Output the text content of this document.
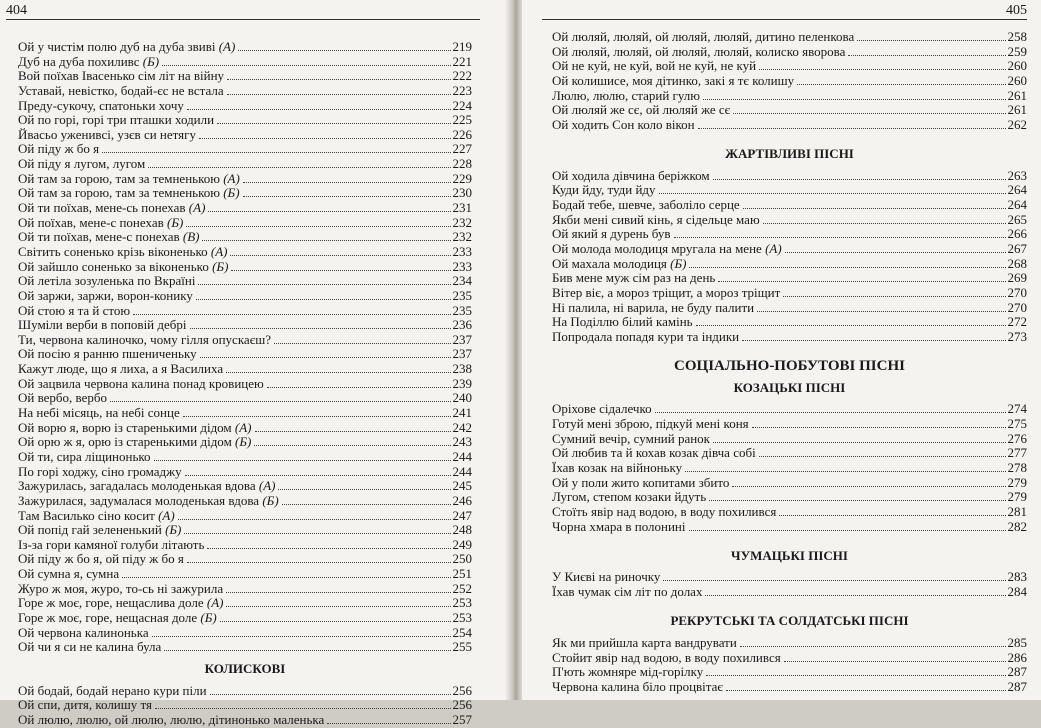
404
Ой у чистім полю дуб на дуба звиві (А)	219
Дуб на дуба похиливс (Б)	221
Вой поїхав Івасенько сім літ на війну	222
Уставай, невістко, бодай-єс не встала	223
Преду-сукочу, спатоньки хочу	224
Ой по горі, горі три пташки ходили	225
Йвасьо уженивсі, узєв си нетягу	226
Ой піду ж бо я	227
Ой піду я лугом, лугом	228
Ой там за горою, там за темненькою (А)	229
Ой там за горою, там за темненькою (Б)	230
Ой ти поїхав, мене-сь понехав (А)	231
Ой поїхав, мене-с понехав (Б)	232
Ой ти поїхав, мене-с понехав (В)	232
Світить соненько крізь віконенько (А)	233
Ой зайшло соненько за віконенько (Б)	233
Ой летіла зозуленька по Вкраїні	234
Ой заржи, заржи, ворон-конику	235
Ой стою я та й стою	235
Шуміли верби в поповій дебрі	236
Ти, червона калиночко, чому гілля опускаєш?	237
Ой посію я ранню пшениченьку	237
Кажут люде, що я лиха, а я Василиха	238
Ой зацвила червона калина понад кровицею	239
Ой вербо, вербо	240
На небі місяць, на небі сонце	241
Ой ворю я, ворю із старенькими дідом (А)	242
Ой орю ж я, орю із старенькими дідом (Б)	243
Ой ти, сира ліщинонько	244
По горі ходжу, сіно громаджу	244
Зажурилась, загадалась молоденькая вдова (А)	245
Зажурилася, задумалася молоденькая вдова (Б)	246
Там Василько сіно косит (А)	247
Ой попід гай зелененький (Б)	248
Із-за гори камяної голуби літають	249
Ой піду ж бо я, ой піду ж бо я	250
Ой сумна я, сумна	251
Журо ж моя, журо, то-сь ні зажурила	252
Горе ж моє, горе, нещаслива доле (А)	253
Горе ж моє, горе, нещасная доле (Б)	253
Ой червона калинонька	254
Ой чи я си не калина була	255
КОЛИСКОВІ
Ой бодай, бодай нерано кури піли	256
Ой спи, дитя, колишу тя	256
Ой люлю, люлю, ой люлю, люлю, дітинонько маленька	257
405
Ой люляй, люляй, ой люляй, люляй, дитино пеленкова	258
Ой люляй, люляй, ой люляй, люляй, колиско яворова	259
Ой не куй, не куй, вой не куй, не куй	260
Ой колишисе, моя дітинко, закі я тє колишу	260
Люлю, люлю, старий гулю	261
Ой люляй же сє, ой люляй же сє	261
Ой ходить Сон коло вікон	262
ЖАРТІВЛИВІ ПІСНІ
Ой ходила дівчина беріжком	263
Куди йду, туди йду	264
Бодай тебе, шевче, заболіло серце	264
Якби мені сивий кінь, я сідельце маю	265
Ой який я дурень був	266
Ой молода молодиця мругала на мене (А)	267
Ой махала молодиця (Б)	268
Бив мене муж сім раз на день	269
Вітер віє, а мороз тріщит, а мороз тріщит	270
Ні палила, ні варила, не буду палити	270
На Поділлю білий камінь	272
Попродала попадя кури та індики	273
СОЦІАЛЬНО-ПОБУТОВІ ПІСНІ
КОЗАЦЬКІ ПІСНІ
Оріхове сідалечко	274
Готуй мені зброю, підкуй мені коня	275
Сумний вечір, сумний ранок	276
Ой любив та й кохав козак дівча собі	277
Їхав козак на війноньку	278
Ой у поли жито копитами збито	279
Лугом, степом козаки йдуть	279
Стоїть явір над водою, в воду похилився	281
Чорна хмара в полонині	282
ЧУМАЦЬКІ ПІСНІ
У Києві на риночку	283
Їхав чумак сім літ по долах	284
РЕКРУТСЬКІ ТА СОЛДАТСЬКІ ПІСНІ
Як ми прийшла карта вандрувати	285
Стойит явір над водою, в воду похилився	286
П'ють жомняре мід-горілку	287
Червона калина біло процвітає	287
